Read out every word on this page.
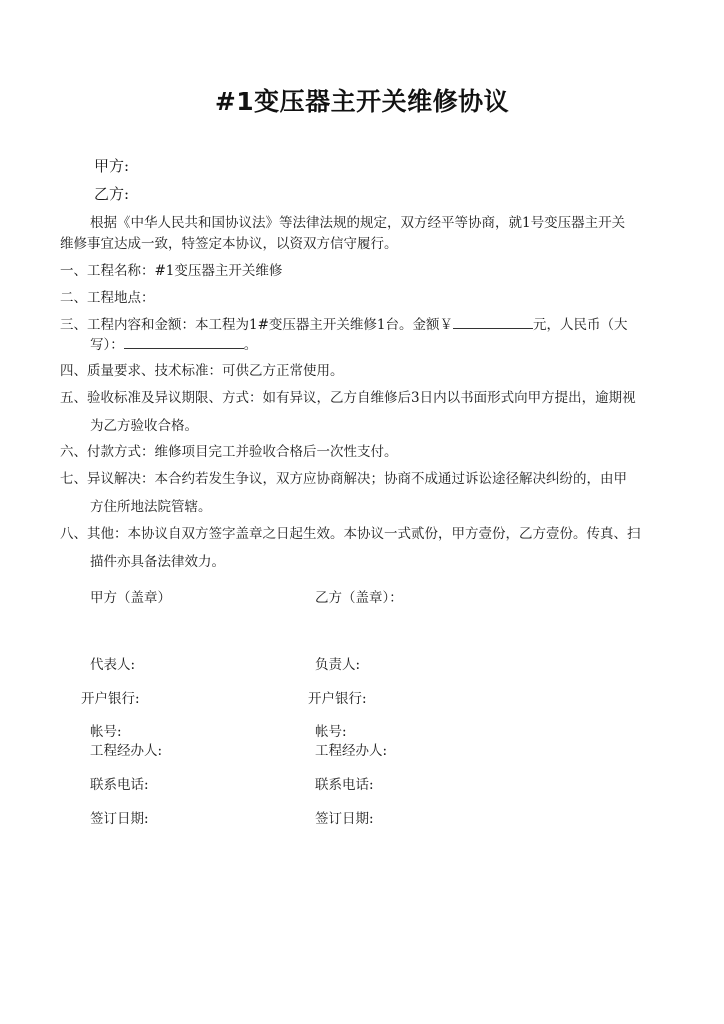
#1变压器主开关维修协议
甲方:
乙方:
根据《中华人民共和国协议法》等法律法规的规定，双方经平等协商，就1号变压器主开关
维修事宜达成一致，特签定本协议，以资双方信守履行。
一、工程名称：#1变压器主开关维修
二、工程地点：
三、工程内容和金额：本工程为1#变压器主开关维修1台。金额￥	元，人民币（大
写）：	。
四、质量要求、技术标准：可供乙方正常使用。
五、验收标准及异议期限、方式：如有异议，乙方自维修后3日内以书面形式向甲方提出，逾期视
为乙方验收合格。
六、付款方式：维修项目完工并验收合格后一次性支付。
七、异议解决：本合约若发生争议，双方应协商解决；协商不成通过诉讼途径解决纠纷的，由甲
方住所地法院管辖。
八、其他：本协议自双方签字盖章之日起生效。本协议一式贰份，甲方壹份，乙方壹份。传真、扫
描件亦具备法律效力。
甲方（盖章）	乙方（盖章）：
代表人:	负责人:
开户银行:	开户银行:
帐号:	帐号:
工程经办人:	工程经办人:
联系电话:	联系电话:
签订日期:	签订日期:
